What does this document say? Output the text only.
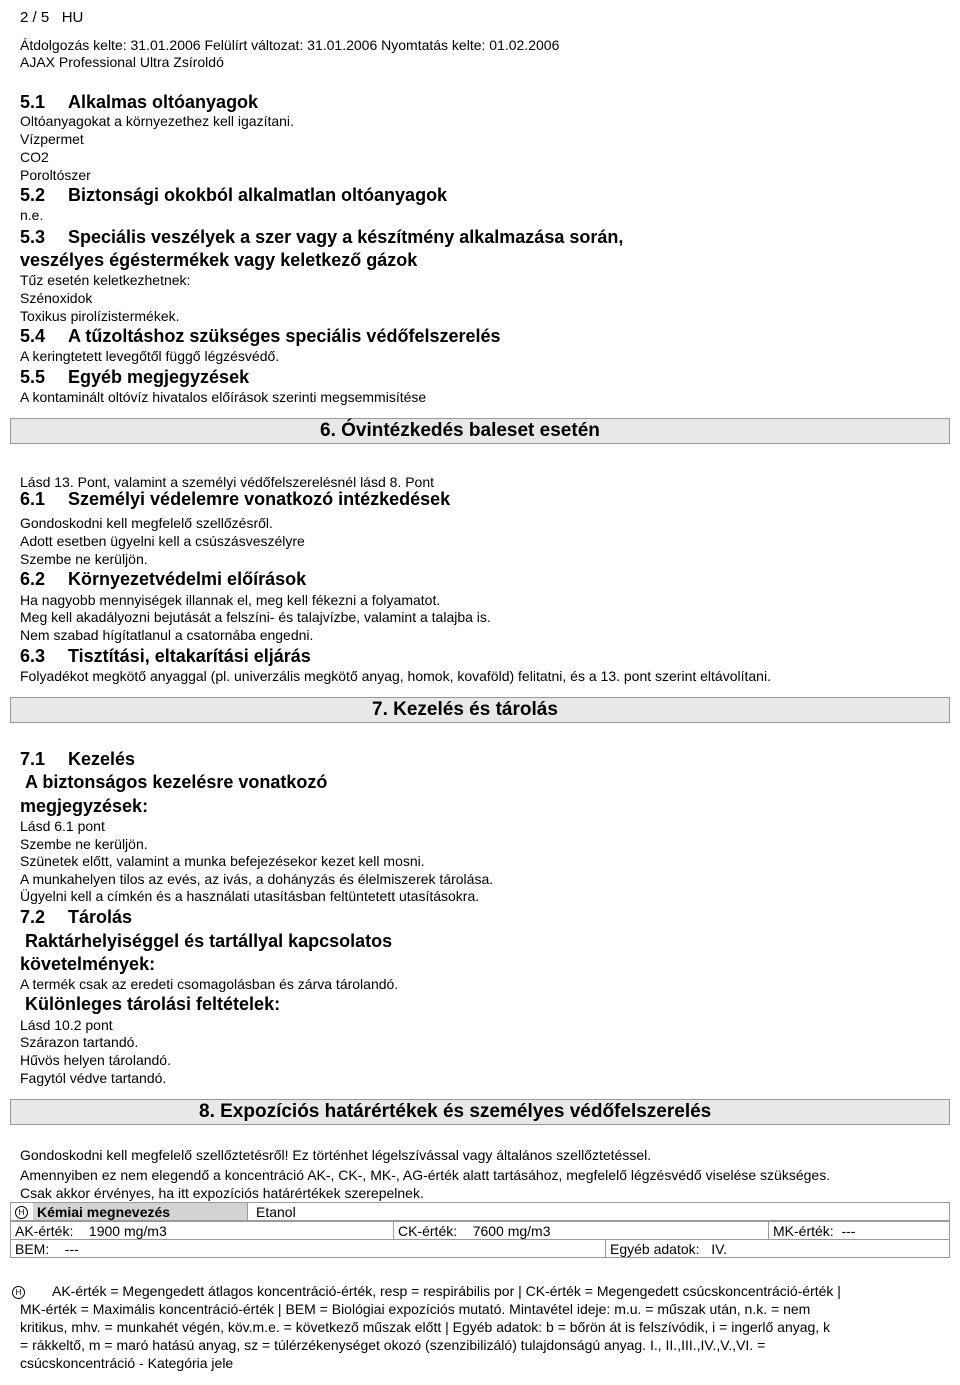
2 / 5 HU
Átdolgozás kelte: 31.01.2006 Felülírt változat: 31.01.2006 Nyomtatás kelte: 01.02.2006
AJAX Professional Ultra Zsíroldó
5.1 Alkalmas oltóanyagok
Oltóanyagokat a környezethez kell igazítani.
Vízpermet
CO2
Poroltószer
5.2 Biztonsági okokból alkalmatlan oltóanyagok
n.e.
5.3 Speciális veszélyek a szer vagy a készítmény alkalmazása során,
veszélyes égéstermékek vagy keletkező gázok
Tűz esetén keletkezhetnek:
Szénoxidok
Toxikus pirolízistermékek.
5.4 A tűzoltáshoz szükséges speciális védőfelszerelés
A keringtetett levegőtől függő légzésvédő.
5.5 Egyéb megjegyzések
A kontaminált oltóvíz hivatalos előírások szerinti megsemmisítése
6. Óvintézkedés baleset esetén
Lásd 13. Pont, valamint a személyi védőfelszerelésnél lásd 8. Pont
6.1 Személyi védelemre vonatkozó intézkedések
Gondoskodni kell megfelelő szellőzésről.
Adott esetben ügyelni kell a csúszásveszélyre
Szembe ne kerüljön.
6.2 Környezetvédelmi előírások
Ha nagyobb mennyiségek illannak el, meg kell fékezni a folyamatot.
Meg kell akadályozni bejutását a felszíni- és talajvízbe, valamint a talajba is.
Nem szabad hígítatlanul a csatornába engedni.
6.3 Tisztítási, eltakarítási eljárás
Folyadékot megkötő anyaggal (pl. univerzális megkötő anyag, homok, kovaföld) felitatni, és a 13. pont szerint eltávolítani.
7. Kezelés és tárolás
7.1 Kezelés
A biztonságos kezelésre vonatkozó
megjegyzések:
Lásd 6.1 pont
Szembe ne kerüljön.
Szünetek előtt, valamint a munka befejezésekor kezet kell mosni.
A munkahelyen tilos az evés, az ivás, a dohányzás és élelmiszerek tárolása.
Ügyelni kell a címkén és a használati utasításban feltüntetett utasításokra.
7.2 Tárolás
Raktárhelyiséggel és tartállyal kapcsolatos
követelmények:
A termék csak az eredeti csomagolásban és zárva tárolandó.
Különleges tárolási feltételek:
Lásd 10.2 pont
Szárazon tartandó.
Hűvös helyen tárolandó.
Fagytól védve tartandó.
8. Expozíciós határértékek és személyes védőfelszerelés
Gondoskodni kell megfelelő szellőztetésről! Ez történhet légelszívással vagy általános szellőztetéssel.
Amennyiben ez nem elegendő a koncentráció AK-, CK-, MK-, AG-érték alatt tartásához, megfelelő légzésvédő viselése szükséges.
Csak akkor érvényes, ha itt expozíciós határértékek szerepelnek.
H	Kémiai megnevezés	Etanol
AK-érték: 1900 mg/m3	CK-érték: 7600 mg/m3	MK-érték: ---
BEM: ---	Egyéb adatok: IV.
H AK-érték = Megengedett átlagos koncentráció-érték, resp = respirábilis por | CK-érték = Megengedett csúcskoncentráció-érték |
MK-érték = Maximális koncentráció-érték | BEM = Biológiai expozíciós mutató. Mintavétel ideje: m.u. = műszak után, n.k. = nem
kritikus, mhv. = munkahét végén, köv.m.e. = következő műszak előtt | Egyéb adatok: b = bőrön át is felszívódik, i = ingerlő anyag, k
= rákkeltő, m = maró hatású anyag, sz = túlérzékenységet okozó (szenzibilizáló) tulajdonságú anyag. I., II.,III.,IV.,V.,VI. =
csúcskoncentráció - Kategória jele
